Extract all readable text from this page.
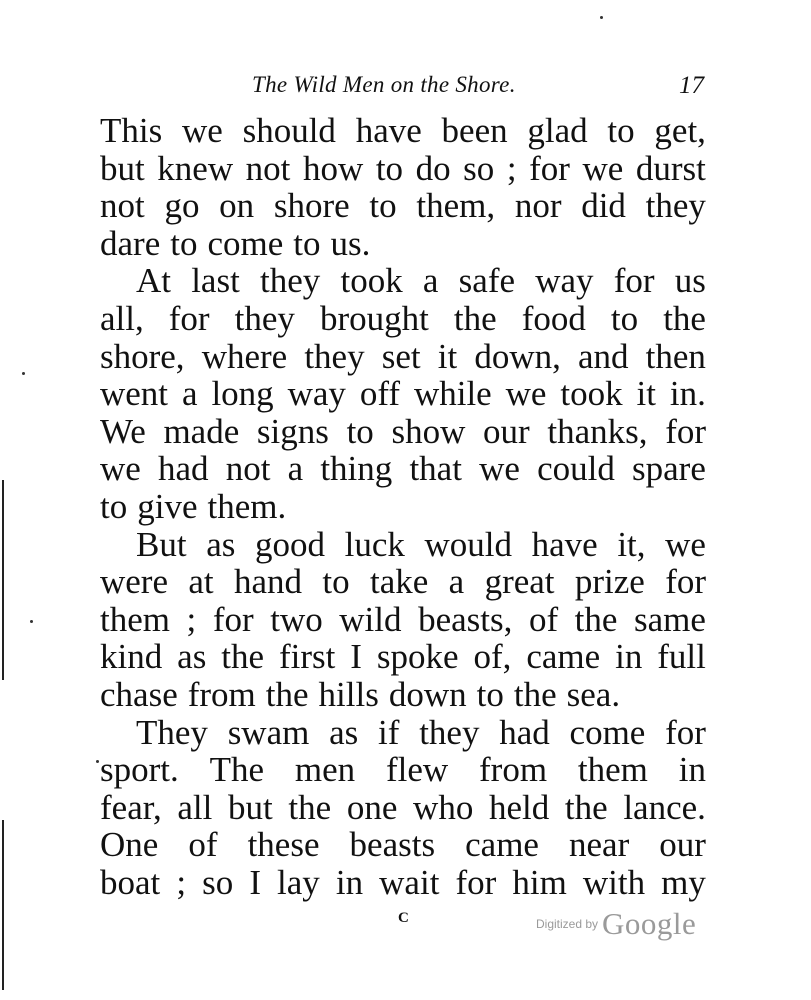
The Wild Men on the Shore.	17
This we should have been glad to get,
but knew not how to do so ; for we durst
not go on shore to them, nor did they
dare to come to us.
At last they took a safe way for us
all, for they brought the food to the
shore, where they set it down, and then
went a long way off while we took it in.
We made signs to show our thanks, for
we had not a thing that we could spare
to give them.
But as good luck would have it, we
were at hand to take a great prize for
them ; for two wild beasts, of the same
kind as the first I spoke of, came in full
chase from the hills down to the sea.
They swam as if they had come for
sport. The men flew from them in
fear, all but the one who held the lance.
One of these beasts came near our
boat ; so I lay in wait for him with my
c	Digitized by Google
